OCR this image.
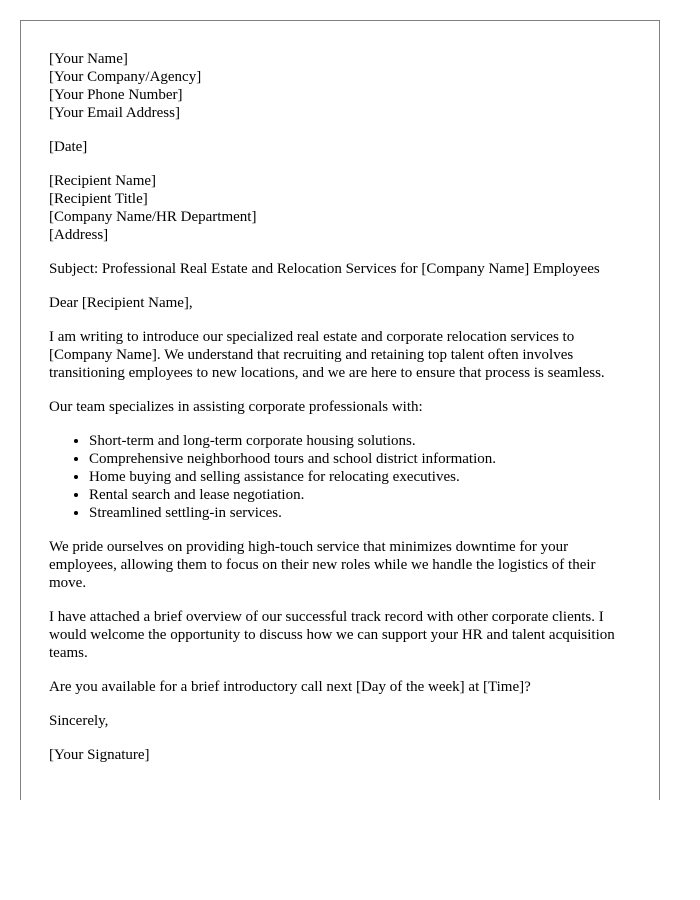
[Your Name]
[Your Company/Agency]
[Your Phone Number]
[Your Email Address]

[Date]

[Recipient Name]
[Recipient Title]
[Company Name/HR Department]
[Address]

Subject: Professional Real Estate and Relocation Services for [Company Name] Employees

Dear [Recipient Name],

I am writing to introduce our specialized real estate and corporate relocation services to [Company Name]. We understand that recruiting and retaining top talent often involves transitioning employees to new locations, and we are here to ensure that process is seamless.

Our team specializes in assisting corporate professionals with:

• Short-term and long-term corporate housing solutions.
• Comprehensive neighborhood tours and school district information.
• Home buying and selling assistance for relocating executives.
• Rental search and lease negotiation.
• Streamlined settling-in services.

We pride ourselves on providing high-touch service that minimizes downtime for your employees, allowing them to focus on their new roles while we handle the logistics of their move.

I have attached a brief overview of our successful track record with other corporate clients. I would welcome the opportunity to discuss how we can support your HR and talent acquisition teams.

Are you available for a brief introductory call next [Day of the week] at [Time]?

Sincerely,

[Your Signature]
